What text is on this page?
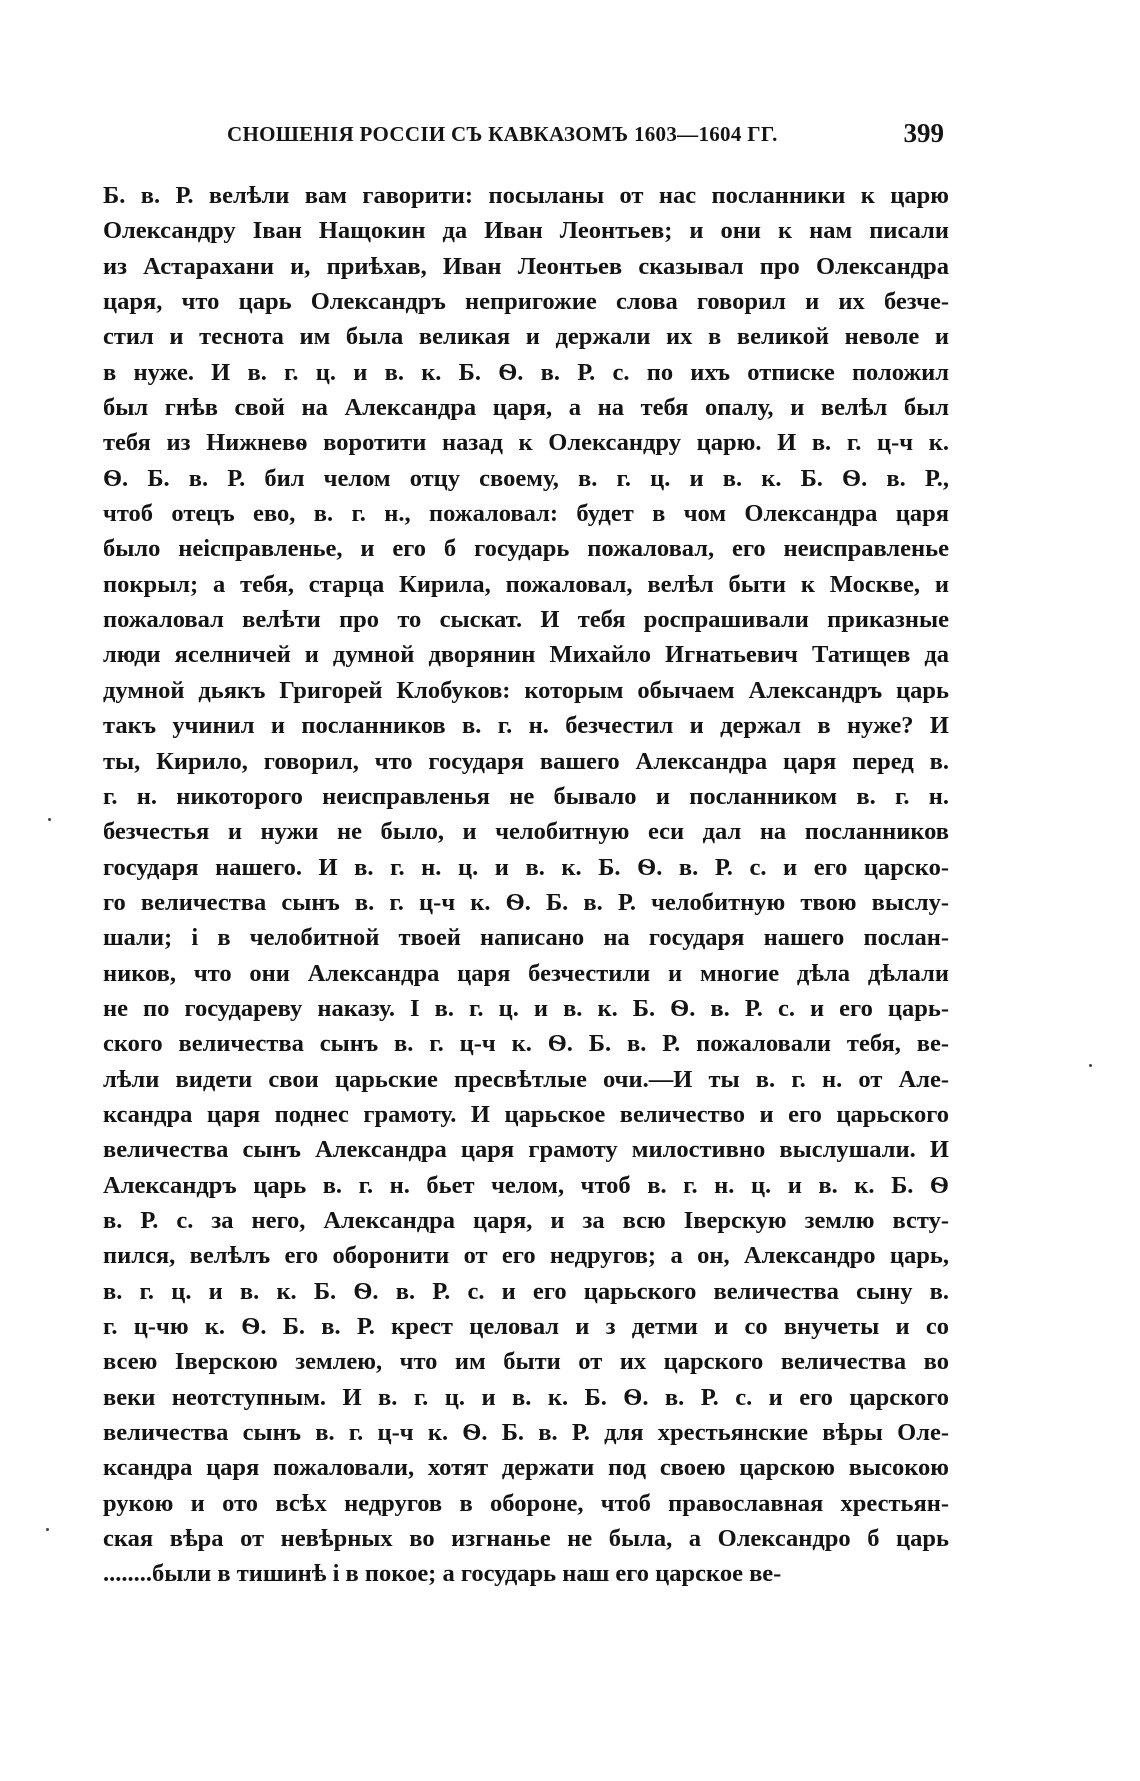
СНОШЕНІЯ РОССІИ СЪ КАВКАЗОМЪ 1603—1604 ГГ.	399
Б. в. Р. велѣли вам гаворити: посыланы от нас посланники к царю
Олександру Іван Нащокин да Иван Леонтьев; и они к нам писали
из Астарахани и, приѣхав, Иван Леонтьев сказывал про Олександра
царя, что царь Олександръ непригожие слова говорил и их безче-
стил и теснота им была великая и держали их в великой неволе и
в нуже. И в. г. ц. и в. к. Б. Ѳ. в. Р. с. по ихъ отписке положил
был гнѣв свой на Александра царя, а на тебя опалу, и велѣл был
тебя из Нижневѳ воротити назад к Олександру царю. И в. г. ц-ч к.
Ѳ. Б. в. Р. бил челом отцу своему, в. г. ц. и в. к. Б. Ѳ. в. Р.,
чтоб отецъ ево, в. г. н., пожаловал: будет в чом Олександра царя
было неісправленье, и его б государь пожаловал, его неисправленье
покрыл; а тебя, старца Кирила, пожаловал, велѣл быти к Москве, и
пожаловал велѣти про то сыскат. И тебя роспрашивали приказные
люди яселничей и думной дворянин Михайло Игнатьевич Татищев да
думной дьякъ Григорей Клобуков: которым обычаем Александръ царь
такъ учинил и посланников в. г. н. безчестил и держал в нуже? И
ты, Кирило, говорил, что государя вашего Александра царя перед в.
г. н. никоторого неисправленья не бывало и посланником в. г. н.
безчестья и нужи не было, и челобитную еси дал на посланников
государя нашего. И в. г. н. ц. и в. к. Б. Ѳ. в. Р. с. и его царско-
го величества сынъ в. г. ц-ч к. Ѳ. Б. в. Р. челобитную твою выслу-
шали; і в челобитной твоей написано на государя нашего послан-
ников, что они Александра царя безчестили и многие дѣла дѣлали
не по государеву наказу. І в. г. ц. и в. к. Б. Ѳ. в. Р. с. и его царь-
ского величества сынъ в. г. ц-ч к. Ѳ. Б. в. Р. пожаловали тебя, ве-
лѣли видети свои царьские пресвѣтлые очи.—И ты в. г. н. от Але-
ксандра царя поднес грамоту. И царьское величество и его царьского
величества сынъ Александра царя грамоту милостивно выслушали. И
Александръ царь в. г. н. бьет челом, чтоб в. г. н. ц. и в. к. Б. Ѳ
в. Р. с. за него, Александра царя, и за всю Іверскую землю всту-
пился, велѣлъ его оборонити от его недругов; а он, Александро царь,
в. г. ц. и в. к. Б. Ѳ. в. Р. с. и его царьского величества сыну в.
г. ц-чю к. Ѳ. Б. в. Р. крест целовал и з детми и со внучеты и со
всею Іверскою землею, что им быти от их царского величества во
веки неотступным. И в. г. ц. и в. к. Б. Ѳ. в. Р. с. и его царского
величества сынъ в. г. ц-ч к. Ѳ. Б. в. Р. для хрестьянские вѣры Оле-
ксандра царя пожаловали, хотят держати под своею царскою высокою
рукою и ото всѣх недругов в обороне, чтоб православная хрестьян-
ская вѣра от невѣрных во изгнанье не была, а Олександро б царь
........были в тишинѣ і в покое; а государь наш его царское ве-
